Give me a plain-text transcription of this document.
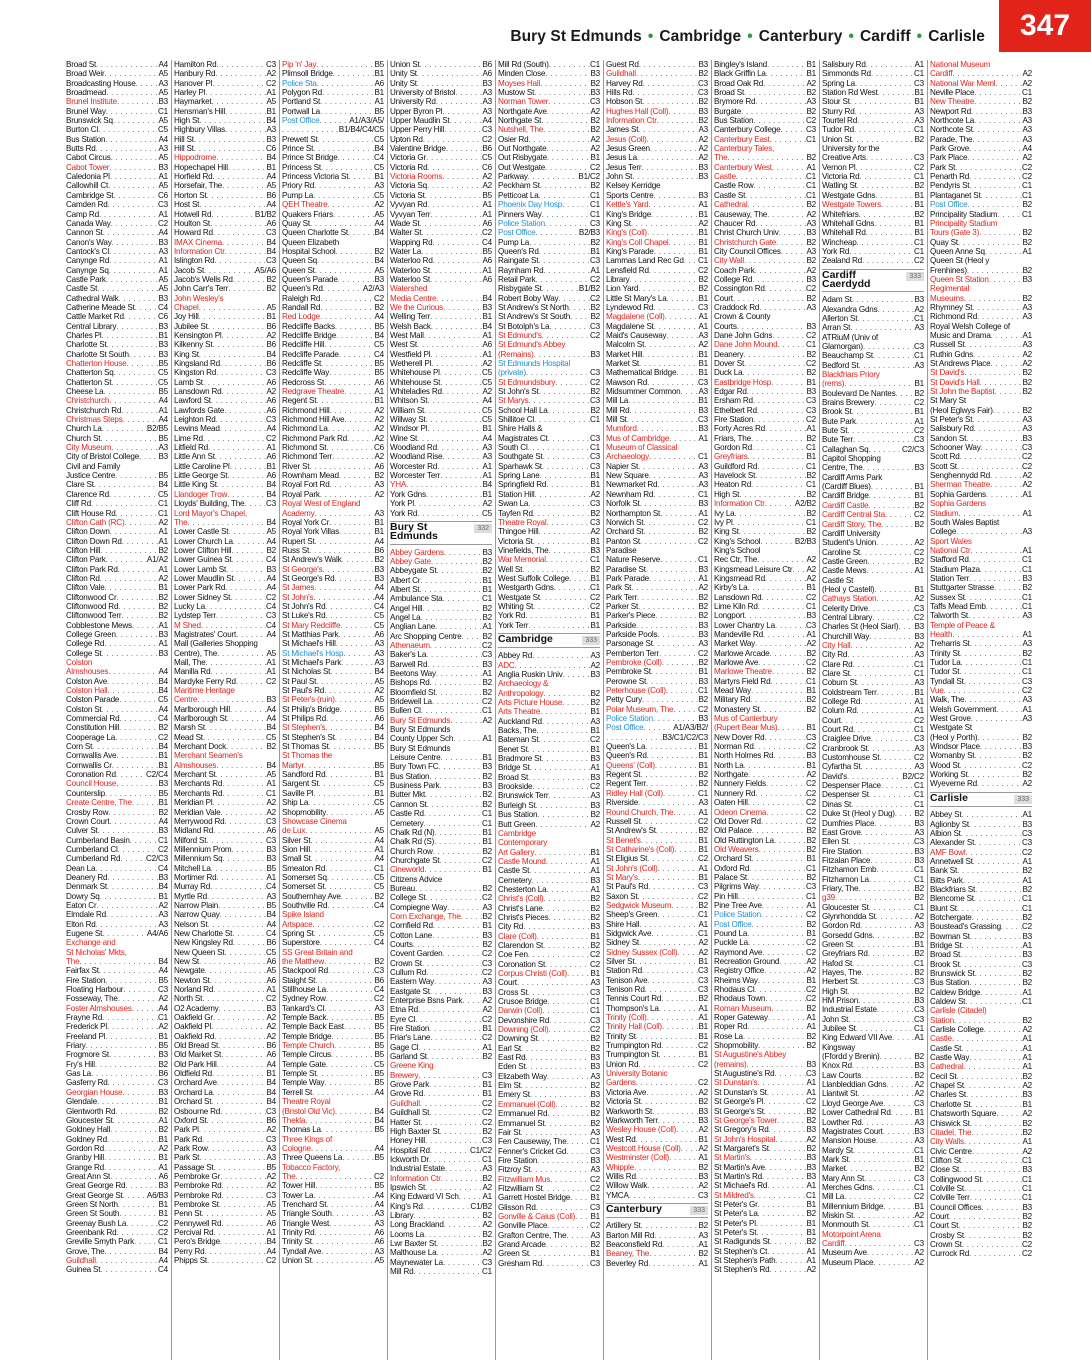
Bury St Edmunds • Cambridge • Canterbury • Cardiff • Carlisle 347
Broad St
. . .	A4
Broad Weir
. . .	A5
Broadcasting House
. . .	A3
Broadmead
. . .	A5
Brunel Institute
. . .	B3
Brunel Way
. . .	C1
Brunswick Sq
. . .	A5
Burton Cl
. . .	C5
Bus Station
. . .	A4
Butts Rd
. . .	A3
Cabot Circus
. . .	A5
Cabot Tower
. . .	B3
Caledonia Pl
. . .	A1
Callowhill Ct
. . .	A5
Cambridge St
. . .	C6
Camden Rd
. . .	C3
Camp Rd
. . .	A1
Canada Way
. . .	C2
Cannon St
. . .	A4
Canon's Way
. . .	B3
Cantock's Cl
. . .	A3
Canynge Rd
. . .	A1
Canynge Sq
. . .	A1
Castle Park
. . .	A5
Castle St
. . .	A5
Cathedral Walk
. . .	B3
Catherine Meade St
. . .	C4
Cattle Market Rd
. . .	C6
Central Library
. . .	B3
Charles Pl
. . .	B1
Charlotte St
. . .	B3
Charlotte St South
. . .	B3
Chatterton House
. . .	B5
Chatterton Sq
. . .	C5
Chatterton St
. . .	C5
Cheese La
. . .	B5
Christchurch
. . .	A4
Christchurch Rd
. . .	A1
Christmas Steps
. . .	A4
Church La
. . .	B2/B5
Church St
. . .	B5
City Museum
. . .	A3
City of Bristol College
. . . B3
Civil and Family
Justice Centre
. . .	B5
Clare St
. . .	B4
Clarence Rd
. . .	C5
Cliff Rd
. . .	C1
Clift House Rd
. . .	C1
Clifton Cath (RC)
. . .	A2
Clifton Down
. . .	A1
Clifton Down Rd
. . .	A1
Clifton Hill
. . .	B2
Clifton Park
. . .	A1/A2
Clifton Park Rd
. . .	A1
Clifton Rd
. . .	A2
Clifton Vale
. . .	B1
Cliftonwood Cr
. . .	B2
Cliftonwood Rd
. . .	B2
Cliftonwood Terr
. . .	B2
Cobblestone Mews
. . .	A1
College Green
. . .	B3
College Rd
. . .	A1
College St
. . .	B3
Colston
Almshouses
. . .	A4
Colston Ave
. . .	B4
Colston Hall
. . .	B4
Colston Parade
. . .	C5
Colston St
. . .	A4
Commercial Rd
. . .	C4
Constitution Hill
. . .	B2
Cooperage La
. . .	C2
Corn St
. . .	B4
Cornwallis Ave
. . .	B1
Cornwallis Cr
. . .	B1
Coronation Rd
. . .	C2/C4
Council House
. . .	B3
Counterslip
. . .	B5
Create Centre, The
. . .	B1
Crosby Row
. . .	B2
Crown Court
. . .	A4
Culver St
. . .	B3
Cumberland Basin
. . .	C1
Cumberland Cl
. . .	C2
Cumberland Rd
. . .	C2/C3
Dean La
. . .	C4
Deanery Rd
. . .	B3
Denmark St
. . .	B4
Dowry Sq
. . .	B1
Eaton Cr
. . .	A2
Elmdale Rd
. . .	A3
Elton Rd
. . .	A3
Eugene St
. . .	A4/A6
Exchange and
St Nicholas' Mkts,
The
. . .	B4
Fairfax St
. . .	A4
Fire Station
. . .	B5
Floating Harbour
. . .	C3
Fosseway, The
. . .	A2
Foster Almshouses
. . .	A4
Frayne Rd
. . .	C1
Frederick Pl
. . .	A2
Freeland Pl
. . .	B1
Friary
. . .	B5
Frogmore St
. . .	B3
Fry's Hill
. . .	B2
Gas La
. . .	B6
Gasferry Rd
. . .	C3
Georgian House
. . .	B3
Glendale
. . .	B1
Glentworth Rd
. . .	B2
Gloucester St
. . .	A1
Goldney Hall
. . .	B2
Goldney Rd
. . .	B1
Gordon Rd
. . .	A2
Granby Hill
. . .	B1
Grange Rd
. . .	A1
Great Ann St
. . .	A6
Great George Rd
. . .	B3
Great George St
. . .	A6/B3
Green St North
. . .	B1
Green St South
. . .	B1
Greenay Bush La
. . .	C2
Greenbank Rd
. . .	C2
Greville Smyth Park
. . .	C1
Grove, The
. . .	B4
Guildhall
. . .	A4
Guinea St
. . .	C4
Hamilton Rd
. . .	C3
Hanbury Rd
. . .	A2
Hanover Pl
. . .	C2
Harley Pl
. . .	A1
Haymarket
. . .	A5
Hensman's Hill
. . .	B1
High St
. . .	B4
Highbury Villas
. . .	A3
Hill St
. . .	B3
Hill St
. . .	C6
Hippodrome
. . .	B4
Hopechapel Hill
. . .	B1
Horfield Rd
. . .	A4
Horsefair, The
. . .	A5
Horton St
. . .	B6
Host St
. . .	A4
Hotwell Rd
. . .	B1/B2
Houlton St
. . .	A6
Howard Rd
. . .	C3
IMAX Cinema
. . .	B4
Information Ctr
. . .	B4
Islington Rd
. . .	C3
Jacob St
. . .	A5/A6
Jacob's Wells Rd
. . .	B2
John Carr's Terr
. . .	B2
John Wesley's
Chapel
. . .	A5
Joy Hill
. . .	B1
Jubilee St
. . .	B6
Kensington Pl
. . .	A2
Kilkenny St
. . .	B6
King St
. . .	B4
Kingsland Rd
. . .	B6
Kingston Rd
. . .	C3
Lamb St
. . .	A6
Lansdown Rd
. . .	A2
Lawford St
. . .	A6
Lawfords Gate
. . .	A6
Leighton Rd
. . .	C3
Lewins Mead
. . .	A4
Lime Rd
. . .	C2
Litfield Rd
. . .	A1
Little Ann St
. . .	A6
Little Caroline Pl
. . .	B1
Little George St
. . .	A6
Little King St
. . .	B4
Llandoger Trow
. . .	B4
Lloyds' Building, The
. . .	C3
Lord Mayor's Chapel,
The
. . .	B4
Lower Castle St
. . .	A5
Lower Church La
. . .	A4
Lower Clifton Hill
. . .	B2
Lower Guinea St
. . .	C4
Lower Lamb St
. . .	B3
Lower Maudlin St
. . .	A4
Lower Park Rd
. . .	A4
Lower Sidney St
. . .	C2
Lucky La
. . .	C4
Lydstep Terr
. . .	C3
M Shed
. . .	C4
Magistrates' Court
. . .	A4
Mall (Galleries Shopping
Centre), The
. . .	A5
Mall, The
. . .	A1
Manilla Rd
. . .	A1
Mardyke Ferry Rd
. . .	C2
Maritime Heritage
Centre
. . .	B3
Marlborough Hill
. . .	A4
Marlborough St
. . .	A4
Marsh St
. . .	B4
Mead St
. . .	C5
Merchant Dock
. . .	B2
Merchant Seamen's
Almshouses
. . .	B4
Merchant St
. . .	A5
Merchants Rd
. . .	A1
Merchants Rd
. . .	C1
Meridian Pl
. . .	A2
Meridian Vale
. . .	A2
Merrywood Rd
. . .	C3
Midland Rd
. . .	A6
Milford St
. . .	C3
Millennium Prom
. . .	B3
Millennium Sq
. . .	B3
Mitchell La
. . .	B5
Mortimer Rd
. . .	A1
Murray Rd
. . .	C4
Myrtle Rd
. . .	A3
Narrow Plain
. . .	B5
Narrow Quay
. . .	B4
Nelson St
. . .	A4
New Charlotte St
. . .	C4
New Kingsley Rd
. . .	B6
New Queen St
. . .	C5
New St
. . .	A6
Newgate
. . .	A5
Newton St
. . .	A6
Norland Rd
. . .	A1
North St
. . .	C2
O2 Academy
. . .	B3
Oakfield Gr
. . .	A2
Oakfield Pl
. . .	A2
Oakfield Rd
. . .	A2
Old Bread St
. . .	B6
Old Market St
. . .	A6
Old Park Hill
. . .	A4
Oldfield Rd
. . .	B1
Orchard Ave
. . .	B4
Orchard La
. . .	B4
Orchard St
. . .	B4
Osbourne Rd
. . .	C3
Oxford St
. . .	B6
Park Pl
. . .	A2
Park Rd
. . .	C3
Park Row
. . .	A3
Park St
. . .	A3
Passage St
. . .	B5
Pembroke Gr
. . .	A2
Pembroke Rd
. . .	A2
Pembroke Rd
. . .	C3
Pembroke St
. . .	A5
Penn St
. . .	A5
Pennywell Rd
. . .	A6
Percival Rd
. . .	A1
Pero's Bridge
. . .	B4
Perry Rd
. . .	A4
Phipps St
. . .	C2
Pip 'n' Jay
. . .	B5
Plimsoll Bridge
. . .	B1
Police Sta
. . .	A6
Polygon Rd
. . .	B1
Portland St
. . .	A1
Portwall La
. . .	B5
Post Office
. . .	A1/A3/A5/
. . .
B1/B4/C4/C5
Prewett St
. . .	C5
Prince St
. . .	B4
Prince St Bridge
. . .	C4
Princess St
. . .	C5
Princess Victoria St
. . .	B1
Priory Rd
. . .	A3
Pump La
. . .	C5
QEH Theatre
. . .	A2
Quakers Friars
. . .	A5
Quay St
. . .	A4
Queen Charlotte St
. . .	B4
Queen Elizabeth
Hospital School
. . .	B2
Queen Sq
. . .	B4
Queen St
. . .	A5
Queen's Parade
. . .	B3
Queen's Rd
. . .	A2/A3
Raleigh Rd
. . .	C2
Randall Rd
. . .	B2
Red Lodge
. . .	A4
Redcliffe Backs
. . .	B5
Redcliffe Bridge
. . .	B4
Redcliffe Hill
. . .	C5
Redcliffe Parade
. . .	C4
Redcliffe St
. . .	B5
Redcliffe Way
. . .	B5
Redcross St
. . .	A6
Redgrave Theatre
. . .	A1
Regent St
. . .	B1
Richmond Hill
. . .	A2
Richmond Hill Ave
. . .	A2
Richmond La
. . .	A2
Richmond Park Rd
. . .	A2
Richmond St
. . .	C6
Richmond Terr
. . .	A2
River St
. . .	A6
Rownham Mead
. . .	B2
Royal Fort Rd
. . .	A3
Royal Park
. . .	A2
Royal West of England
Academy
. . .	A3
Royal York Cr
. . .	B1
Royal York Villas
. . .	B1
Rupert St
. . .	A4
Russ St
. . .	B6
St Andrew's Walk
. . .	B2
St George's
. . .	B3
St George's Rd
. . .	B3
St James
. . .	A4
St John's
. . .	A4
St John's Rd
. . .	C4
St Luke's Rd
. . .	C5
St Mary Redcliffe
. . .	C5
St Matthias Park
. . .	A6
St Michael's Hill
. . .	A3
St Michael's Hosp
. . .	A3
St Michael's Park
. . .	A3
St Nicholas St
. . .	B4
St Paul St
. . .	A5
St Paul's Rd
. . .	A2
St Peter's (ruin)
. . .	A5
St Philip's Bridge
. . .	B5
St Philips Rd
. . .	A6
St Stephen's
. . .	B4
St Stephen's St
. . .	B4
St Thomas St
. . .	B5
St Thomas the
Martyr
. . .	B5
Sandford Rd
. . .	B1
Sargent St
. . .	C5
Saville Pl
. . .	B1
Ship La
. . .	C5
Shopmobility
. . .	A5
Showcase Cinema
de Lux
. . .	A5
Silver St
. . .	A4
Sion Hill
. . .	A1
Small St
. . .	A4
Smeaton Rd
. . .	C1
Somerset Sq
. . .	C5
Somerset St
. . .	C5
Southernhay Ave
. . .	B2
Southville Rd
. . .	C4
Spike Island
Artspace
. . .	C2
Spring St
. . .	C5
Superstore
. . .	C4
SS Great Britain and
the Matthew
. . .	B2
Stackpool Rd
. . .	C3
Staight St
. . .	B6
Stillhouse La
. . .	C4
Sydney Row
. . .	C2
Tankard's Cl
. . .	A3
Temple Back
. . .	B5
Temple Back East
. . .	B5
Temple Bridge
. . .	B5
Temple Church
. . .	B5
Temple Circus
. . .	B5
Temple Gate
. . .	C5
Temple St
. . .	B5
Temple Way
. . .	B5
Terrell St
. . .	A4
Theatre Royal
(Bristol Old Vic)
. . .	B4
Thekla
. . .	B4
Thomas La
. . .	B5
Three Kings of
Cologne
. . .	A4
Three Queens La
. . .	B5
Tobacco Factory,
The
. . .	C2
Tower Hill
. . .	B5
Tower La
. . .	A4
Trenchard St
. . .	A4
Triangle South
. . .	A3
Triangle West
. . .	A3
Trinity Rd
. . .	A6
Trinity St
. . .	A6
Tyndall Ave
. . .	A3
Union St
. . .	A5
Union St
. . .	B6
Unity St
. . .	A6
Unity St
. . .	B3
University of Bristol
. . .	A3
University Rd
. . .	A3
Upper Byron Pl
. . .	A3
Upper Maudlin St
. . .	A4
Upper Perry Hill
. . .	C3
Upton Rd
. . .	C2
Valentine Bridge
. . .	B6
Victoria Gr
. . .	C5
Victoria Rd
. . .	C6
Victoria Rooms
. . .	A2
Victoria Sq
. . .	A2
Victoria St
. . .	B5
Vyvyan Rd
. . .	A1
Vyvyan Terr
. . .	A1
Wade St
. . .	A6
Walter St
. . .	C2
Wapping Rd
. . .	C4
Water La
. . .	B5
Waterloo Rd
. . .	A6
Waterloo St
. . .	A1
Waterloo St
. . .	A6
Watershed
Media Centre
. . .	B4
We the Curious
. . .	B3
Welling Terr
. . .	B1
Welsh Back
. . .	B4
West Mall
. . .	A1
West St
. . .	A6
Westfield Pl
. . .	A1
Wetherell Pl
. . .	A2
Whitehouse Pl
. . .	C5
Whitehouse St
. . .	C5
Whiteladies Rd
. . .	A2
Whitson St
. . .	A4
William St
. . .	C5
Willway St
. . .	C5
Windsor Pl
. . .	B1
Wine St
. . .	A4
Woodland Rd
. . .	A3
Woodland Rise
. . .	A3
Worcester Rd
. . .	A1
Worcester Terr
. . .	A1
YHA
. . .	B4
York Gdns
. . .	B1
York Pl
. . .	A2
York Rd
. . .	C5
Bury St Edmunds
332
Abbey Gardens
. . .	B3
Abbey Gate
. . .	B2
Abbeygate St
. . .	B2
Albert Cr
. . .	B1
Albert St
. . .	B1
Ambulance Sta
. . .	C1
Angel Hill
. . .	B2
Angel La
. . .	B2
Anglian Lane
. . .	A1
Arc Shopping Centre
. . .	B2
Athenaeum
. . .	C2
Baker's La
. . .	C3
Barwell Rd
. . .	B3
Beetons Way
. . .	A1
Bishops Rd
. . .	B2
Bloomfield St
. . .	B2
Bridewell La
. . .	C2
Bullen Cl
. . .	C1
Bury St Edmunds
. . .	A2
Bury St Edmunds
County Upper Sch
. . .	A1
Bury St Edmunds
Leisure Centre
. . .	B1
Bury Town FC
. . .	B3
Bus Station
. . .	B2
Business Park
. . .	B3
Butter Mkt
. . .	B2
Cannon St
. . .	B2
Castle Rd
. . .	C1
Cemetery
. . .	C1
Chalk Rd (N)
. . .	B1
Chalk Rd (S)
. . .	B1
Church Row
. . .	B2
Churchgate St
. . .	C2
Cineworld
. . .	B1
Citizens Advice
Bureau
. . .	B2
College St
. . .	C2
Compiegne Way
. . .	A3
Corn Exchange, The
. . .	B2
Cornfield Rd
. . .	B1
Cotton Lane
. . .	B3
Courts
. . .	B2
Covent Garden
. . .	C2
Crown St
. . .	C3
Cullum Rd
. . .	C2
Eastern Way
. . .	A3
Eastgate St
. . .	B3
Enterprise Bsns Park
. . . A2
Etna Rd
. . .	A2
Eyre Cl
. . .	C2
Fire Station
. . .	B1
Friar's Lane
. . .	C2
Gage Cl
. . .	A1
Garland St
. . .	B2
Greene King
Brewery
. . .	C3
Grove Park
. . .	B1
Grove Rd
. . .	B1
Guildhall
. . .	C2
Guildhall St
. . .	C2
Hatter St
. . .	C2
High Baxter St
. . .	B2
Honey Hill
. . .	C3
Hospital Rd
. . .	C1/C2
Ickworth Dr
. . .	C1
Industrial Estate
. . .	A3
Information Ctr
. . .	B2
Ipswich St
. . .	A2
King Edward VI Sch
. . .	A1
King's Rd
. . .	C1/B2
Library
. . .	B2
Long Brackland
. . .	A2
Looms La
. . .	B2
Lwr Baxter St
. . .	B2
Malthouse La
. . .	A2
Maynewater La
. . .	C3
Mill Rd
. . .	C1
Mill Rd (South)
. . .	C1
Minden Close
. . .	B3
Moyses Hall
. . .	B2
Mustow St
. . .	B3
Norman Tower
. . .	C3
Northgate Ave
. . .	A2
Northgate St
. . .	B2
Nutshell, The
. . .	B2
Osier Rd
. . .	A2
Out Northgate
. . .	A2
Out Risbygate
. . .	B1
Out Westgate
. . .	C2
Parkway
. . .	B1/C2
Peckham St
. . .	B2
Petticoat La
. . .	C1
Phoenix Day Hosp
. . .	C1
Pinners Way
. . .	C1
Police Station
. . .	C3
Post Office
. . .	B2/B3
Pump La
. . .	B2
Queen's Rd
. . .	B1
Raingate St
. . .	C3
Raynham Rd
. . .	A1
Retail Park
. . .	C2
Risbygate St
. . .	B1/B2
Robert Boby Way
. . .	C2
St Andrew's St North
. . .	B2
St Andrew's St South
. . .	B2
St Botolph's La
. . .	C3
St Edmund's
. . .	C2
St Edmund's Abbey
(Remains)
. . .	B3
St Edmunds Hospital
(private)
. . .	C3
St Edmundsbury
. . .	C2
St John's St
. . .	B2
St Marys
. . .	C3
School Hall La
. . .	B2
Shillitoe Cl
. . .	C1
Shire Halls &
Magistrates Ct
. . .	C3
South Cl
. . .	C1
Southgate St
. . .	C3
Sparhawk St
. . .	C3
Spring Lane
. . .	B1
Springfield Rd
. . .	B1
Station Hill
. . .	A2
Swan La
. . .	C3
Tayfen Rd
. . .	B2
Theatre Royal
. . .	C3
Thingoe Hill
. . .	A2
Victoria St
. . .	B1
Vinefields, The
. . .	B3
War Memorial
. . .	C1
Well St
. . .	B2
West Suffolk College
. . .	B1
Westgarth Gdns
. . .	C1
Westgate St
. . .	C2
Whiting St
. . .	C2
York Rd
. . .	B1
York Terr
. . .	B1
Cambridge	333
Abbey Rd
. . .	A3
ADC
. . .	A2
Anglia Ruskin Univ
. . .	B3
Archaeology &
Anthropology
. . .	B2
Arts Picture House
. . .	B2
Arts Theatre
. . .	B1
Auckland Rd
. . .	A3
Backs, The
. . .	B1
Bateman St
. . .	C2
Benet St
. . .	B1
Bradmore St
. . .	B3
Bridge St
. . .	A1
Broad St
. . .	B3
Brookside
. . .	C2
Brunswick Terr
. . .	A3
Burleigh St
. . .	B3
Bus Station
. . .	B2
Butt Green
. . .	A2
Cambridge
Contemporary
Art Gallery
. . .	B1
Castle Mound
. . .	A1
Castle St
. . .	A1
Cemetery
. . .	B3
Chesterton La
. . .	A1
Christ's (Coll)
. . .	B2
Christ's Lane
. . .	B2
Christ's Pieces
. . .	B2
City Rd
. . .	B3
Clare (Coll)
. . .	B1
Clarendon St
. . .	B2
Coe Fen
. . .	C2
Coronation St
. . .	C2
Corpus Christi (Coll)
. . .	B1
Court
. . .	A3
Cross St
. . .	C3
Crusoe Bridge
. . .	C1
Darwin (Coll)
. . .	C1
Devonshire Rd
. . .	C3
Downing (Coll)
. . .	C2
Downing St
. . .	B2
Earl St
. . .	B2
East Rd
. . .	B3
Eden St
. . .	B3
Elizabeth Way
. . .	A3
Elm St
. . .	B2
Emery St
. . .	B3
Emmanuel (Coll)
. . .	B2
Emmanuel Rd
. . .	B2
Emmanuel St
. . .	B2
Fair St
. . .	A3
Fen Causeway, The
. . .	C1
Fenner's Cricket Gd
. . .	C3
Fire Station
. . .	B3
Fitzroy St
. . .	A3
Fitzwilliam Mus
. . .	C2
Fitzwilliam St
. . .	C2
Garrett Hostel Bridge
. . . B1
Glisson Rd
. . .	C3
Gonville & Caius (Coll)
. . . B1
Gonville Place
. . .	C2
Grafton Centre, The
. . .	A3
Grand Arcade
. . .	B2
Green St
. . .	B1
Gresham Rd
. . .	C3
Guest Rd
. . .	B3
Guildhall
. . .	B2
Harvey Rd
. . .	C3
Hills Rd
. . .	C3
Hobson St
. . .	B2
Hughes Hall (Coll)
. . .	B3
Information Ctr
. . .	B2
James St
. . .	A3
Jesus (Coll)
. . .	A2
Jesus Green
. . .	A2
Jesus La
. . .	A2
Jesus Terr
. . .	B3
John St
. . .	B3
Kelsey Kerridge
Sports Centre
. . .	B3
Kettle's Yard
. . .	A1
King's Bridge
. . .	B1
King St
. . .	A2
King's (Coll)
. . .	B1
King's Coll Chapel
. . .	B1
King's Parade
. . .	B1
Lammas Land Rec Gd
. . . C1
Lensfield Rd
. . .	C2
Library
. . .	B2
Lion Yard
. . .	B2
Little St Mary's La
. . .	B1
Lyndewod Rd
. . .	C3
Magdalene (Coll)
. . .	A1
Magdalene St
. . .	A1
Maid's Causeway
. . .	A3
Malcolm St
. . .	A2
Market Hill
. . .	B1
Market St
. . .	B1
Mathematical Bridge
. . .	B1
Mawson Rd
. . .	C3
Midsummer Common
. . . A3
Mill La
. . .	B1
Mill Rd
. . .	B3
Mill St
. . .	C3
Mumford
. . .	B3
Mus of Cambridge
. . .	A1
Museum of Classical
Archaeology
. . .	C1
Napier St
. . .	A3
New Square
. . .	A3
Newmarket Rd
. . .	A3
Newnham Rd
. . .	C1
Norfolk St
. . .	B3
Northampton St
. . .	A1
Norwich St
. . .	C2
Orchard St
. . .	B2
Panton St
. . .	C2
Paradise
Nature Reserve
. . .	C1
Paradise St
. . .	B3
Park Parade
. . .	A1
Park St
. . .	A2
Park Terr
. . .	B2
Parker St
. . .	B2
Parker's Piece
. . .	B2
Parkside
. . .	B3
Parkside Pools
. . .	B3
Parsonage St
. . .	A3
Pemberton Terr
. . .	C2
Pembroke (Coll)
. . .	B2
Pembroke St
. . .	B1
Perowne St
. . .	B3
Peterhouse (Coll)
. . .	C1
Petty Cury
. . .	B2
Polar Museum, The
. . .	C2
Police Station
. . .	B3
Post Office
. . .	A1/A3/B2/
. . .
B3/C1/C2/C3
Queen's La
. . .	B1
Queen's Rd
. . .	B1
Queens' (Coll)
. . .	B1
Regent St
. . .	B2
Regent Terr
. . .	B2
Ridley Hall (Coll)
. . .	C1
Riverside
. . .	A3
Round Church, The
. . .	A1
Russell St
. . .	C2
St Andrew's St
. . .	B2
St Benet's
. . .	B1
St Catharine's (Coll)
. . .	B1
St Eligius St
. . .	C2
St John's (Coll)
. . .	A1
St Mary's
. . .	B1
St Paul's Rd
. . .	C3
Saxon St
. . .	C2
Sedgwick Museum
. . .	B2
Sheep's Green
. . .	C1
Shire Hall
. . .	A1
Sidgwick Ave
. . .	C1
Sidney St
. . .	A2
Sidney Sussex (Coll)
. . .	A2
Silver St
. . .	B1
Station Rd
. . .	C3
Tenison Ave
. . .	C3
Tenison Rd
. . .	C3
Tennis Court Rd
. . .	B2
Thompson's La
. . .	A1
Trinity (Coll)
. . .	A1
Trinity Hall (Coll)
. . .	B1
Trinity St
. . .	B1
Trumpington Rd
. . .	C2
Trumpington St
. . .	B1
Union Rd
. . .	C2
University Botanic
Gardens
. . .	C2
Victoria Ave
. . .	A2
Victoria St
. . .	B2
Warkworth St
. . .	B3
Warkworth Terr
. . .	B3
Wesley House (Coll)
. . .	A2
West Rd
. . .	B1
Westcott House (Coll)
. . . A2
Westminster (Coll)
. . .	A1
Whipple
. . .	B2
Willis Rd
. . .	B3
Willow Walk
. . .	A2
YMCA
. . .	C3
Canterbury	333
Artillery St
. . .	B2
Barton Mill Rd
. . .	A3
Beaconsfield Rd
. . .	A1
Beaney, The
. . .	B2
Beverley Rd
. . .	A1
Bingley's Island
. . .	B1
Black Griffin La
. . .	B1
Broad Oak Rd
. . .	A2
Broad St
. . .	B2
Brymore Rd
. . .	A3
Burgate
. . .	B2
Bus Station
. . .	C2
Canterbury College
. . .	C3
Canterbury East
. . .	C1
Canterbury Tales,
The
. . .	B2
Canterbury West
. . .	A1
Castle
. . .	C1
Castle Row
. . .	C1
Castle St
. . .	C1
Cathedral
. . .	B2
Causeway, The
. . .	A2
Chaucer Rd
. . .	A3
Christ Church Univ
. . .	B3
Christchurch Gate
. . .	B2
City Council Offices
. . .	A3
City Wall
. . .	B2
Coach Park
. . .	A2
College Rd
. . .	B3
Cossington Rd
. . .	C2
Court
. . .	B2
Craddock Rd
. . .	A3
Crown & County
Courts
. . .	B3
Dane John Gdns
. . .	C2
Dane John Mound
. . .	C1
Deanery
. . .	B2
Dover St
. . .	C2
Duck La
. . .	B2
Eastbridge Hosp
. . .	B1
Edgar Rd
. . .	B3
Ersham Rd
. . .	C3
Ethelbert Rd
. . .	C3
Fire Station
. . .	C2
Forty Acres Rd
. . .	A1
Friars, The
. . .	B2
Gordon Rd
. . .	C1
Greyfriars
. . .	B1
Guildford Rd
. . .	C1
Havelock St
. . .	B2
Heaton Rd
. . .	C1
High St
. . .	B2
Information Ctr
. . .	A2/B2
Ivy La
. . .	B2
Ivy Pl
. . .	C1
King St
. . .	B2
King's School
. . .	B2/B3
King's School
Rec Ctr, The
. . .	A2
Kingsmead Leisure Ctr
. . . A2
Kingsmead Rd
. . .	A2
Kirby's La
. . .	B1
Lansdown Rd
. . .	C2
Lime Kiln Rd
. . .	C1
Longport
. . .	B3
Lower Chantry La
. . .	C3
Mandeville Rd
. . .	A1
Market Way
. . .	A2
Marlowe Arcade
. . .	B2
Marlowe Ave
. . .	C2
Marlowe Theatre
. . .	B2
Martyrs Field Rd
. . .	C1
Mead Way
. . .	B1
Military Rd
. . .	B2
Monastery St
. . .	B2
Mus of Canterbury
(Rupert Bear Mus)
. . .	B1
New Dover Rd
. . .	C3
Norman Rd
. . .	C2
North Holmes Rd
. . .	B3
North La
. . .	B1
Northgate
. . .	A2
Nunnery Fields
. . .	C2
Nunnery Rd
. . .	C2
Oaten Hill
. . .	C2
Odeon Cinema
. . .	C2
Old Dover Rd
. . .	C2
Old Palace
. . .	B2
Old Ruttington La
. . .	B2
Old Weavers
. . .	B2
Orchard St
. . .	B1
Oxford Rd
. . .	C1
Palace St
. . .	B2
Pilgrims Way
. . .	C3
Pin Hill
. . .	C1
Pine Tree Ave
. . .	A1
Police Station
. . .	C2
Post Office
. . .	B2
Pound La
. . .	B1
Puckle La
. . .	C2
Raymond Ave
. . .	C2
Recreation Ground
. . .	A2
Registry Office
. . .	A2
Rheims Way
. . .	B1
Rhodaus Cl
. . .	C2
Rhodaus Town
. . .	C2
Roman Museum
. . .	B2
Roper Gateway
. . .	A1
Roper Rd
. . .	A1
Rose La
. . .	B2
Shopmobility
. . .	B2
St Augustine's Abbey
(remains)
. . .	B3
St Augustine's Rd
. . .	C3
St Dunstan's
. . .	A1
St Dunstan's St
. . .	A1
St George's Pl
. . .	C2
St George's St
. . .	B2
St George's Tower
. . .	B2
St Gregory's Rd
. . .	B3
St John's Hospital
. . .	A2
St Margaret's St
. . .	B2
St Martin's
. . .	B3
St Martin's Ave
. . .	B3
St Martin's Rd
. . .	B3
St Michael's Rd
. . .	A1
St Mildred's
. . .	C1
St Peter's Gr
. . .	B1
St Peter's La
. . .	B2
St Peter's Pl
. . .	B1
St Peter's St
. . .	B1
St Radigunds St
. . .	B2
St Stephen's Ct
. . .	A1
St Stephen's Path
. . .	A1
St Stephen's Rd
. . .	A2
Salisbury Rd
. . .	A1
Simmonds Rd
. . .	C1
Spring La
. . .	C3
Station Rd West
. . .	B1
Stour St
. . .	B1
Sturry Rd
. . .	A3
Tourtel Rd
. . .	A3
Tudor Rd
. . .	C1
Union St
. . .	B2
University for the
Creative Arts
. . .	C3
Vernon Pl
. . .	C2
Victoria Rd
. . .	C1
Watling St
. . .	B2
Westgate Gdns
. . .	B1
Westgate Towers
. . .	B1
Whitefriars
. . .	B2
Whitehall Gdns
. . .	B1
Whitehall Rd
. . .	B1
Wincheap
. . .	C1
York Rd
. . .	C1
Zealand Rd
. . .	C2
Cardiff Caerdydd
333
Adam St
. . .	B3
Alexandra Gdns
. . .	A2
Allerton St
. . .	C1
Arran St
. . .	A3
ATRiuM (Univ of
Glamorgan)
. . .	C3
Beauchamp St
. . .	C1
Bedford St
. . .	A3
Blackfriars Priory
(rems)
. . .	B1
Boulevard De Nantes
. . . B2
Brains Brewery
. . .	C2
Brook St
. . .	B1
Bute Park
. . .	A1
Bute St
. . .	C2
Bute Terr
. . .	C3
Callaghan Sq
. . .	C2/C3
Capitol Shopping
Centre, The
. . .	B3
Cardiff Arms Park
(Cardiff Blues)
. . .	B1
Cardiff Bridge
. . .	B1
Cardiff Castle
. . .	B2
Cardiff Central Sta
. . .	C2
Cardiff Story, The
. . .	B2
Cardiff University
Student's Union
. . .	A2
Caroline St
. . .	C2
Castle Green
. . .	B2
Castle Mews
. . .	A1
Castle St
(Heol y Castell)
. . .	B1
Cathays Station
. . .	A2
Celerity Drive
. . .	C3
Central Library
. . .	C2
Charles St (Heol Siarl)
. . . B3
Churchill Way
. . .	B3
City Hall
. . .	A2
City Rd
. . .	A3
Clare Rd
. . .	C1
Clare St
. . .	C1
Coburn St
. . .	A3
Coldstream Terr
. . .	B1
College Rd
. . .	A1
Colum Rd
. . .	A1
Court
. . .	C2
Court Rd
. . .	C1
Craiglee Drive
. . .	C3
Cranbrook St
. . .	A3
Customhouse St
. . .	C2
Cyfartha St
. . .	A3
David's
. . .	B2/C2
Despenser Place
. . .	C1
Despenser St
. . .	C1
Dinas St
. . .	C1
Duke St (Heol y Dug)
. . . B2
Dumfries Place
. . .	B3
East Grove
. . .	A3
Ellen St
. . .	C3
Fire Station
. . .	B3
Fitzalan Place
. . .	B3
Fitzhamon Emb
. . .	C1
Fitzhamon La
. . .	C1
Friary, The
. . .	B2
g39
. . .	B2
Gloucester St
. . .	C1
Glynrhondda St
. . .	A2
Gordon Rd
. . .	A3
Gorsedd Gdns
. . .	B2
Green St
. . .	B1
Greyfriars Rd
. . .	B2
Hafod St
. . .	C1
Hayes, The
. . .	B2
Herbert St
. . .	C3
High St
. . .	B2
HM Prison
. . .	B3
Industrial Estate
. . .	C3
John St
. . .	C3
Jubilee St
. . .	C1
King Edward VII Ave
. . .	A1
Kingsway
(Ffordd y Brenin)
. . .	B2
Knox Rd
. . .	B3
Law Courts
. . .	B2
Llanbleddian Gdns
. . .	A2
Llantwit St
. . .	A2
Lloyd George Ave
. . .	C3
Lower Cathedral Rd
. . .	B1
Lowther Rd
. . .	A3
Magistrates Court
. . .	B3
Mansion House
. . .	A3
Mardy St
. . .	C1
Mark St
. . .	B1
Market
. . .	B2
Mary Ann St
. . .	C3
Merches Gdns
. . .	C1
Mill La
. . .	C2
Millennium Bridge
. . .	B1
Miskin St
. . .	A2
Monmouth St
. . .	C1
Motorpoint Arena
Cardiff
. . .	C3
Museum Ave
. . .	A2
Museum Place
. . .	A2
National Museum
Cardiff
. . .	A2
National War Meml
. . .	A2
Neville Place
. . .	C1
New Theatre
. . .	B2
Newport Rd
. . .	B3
Northcote La
. . .	A3
Northcote St
. . .	A3
Parade, The
. . .	A3
Park Grove
. . .	A4
Park Place
. . .	A2
Park St
. . .	C2
Penarth Rd
. . .	C2
Pendyris St
. . .	C1
Plantaganet St
. . .	C1
Post Office
. . .	B2
Principality Stadium
. . .	C1
Principality Stadium
Tours (Gate 3)
. . .	B2
Quay St
. . .	B2
Queen Anne Sq
. . .	A1
Queen St (Heol y
Frenhines)
. . .	B2
Queen St Station
. . .	B3
Regimental
Museums
. . .	B2
Rhymney St
. . .	A3
Richmond Rd
. . .	A3
Royal Welsh College of
Music and Drama
. . .	A1
Russell St
. . .	A3
Ruthin Gdns
. . .	A2
St Andrews Place
. . .	A2
St David's
. . .	B2
St David's Hall
. . .	B2
St John the Baptist
. . .	B2
St Mary St
(Heol Eglwys Fair)
. . .	B2
St Peter's St
. . .	A3
Salisbury Rd
. . .	A3
Sandon St
. . .	B3
Schooner Way
. . .	C3
Scott Rd
. . .	C2
Scott St
. . .	C2
Senghennydd Rd
. . .	A2
Sherman Theatre
. . .	A2
Sophia Gardens
. . .	A1
Sophia Gardens
Stadium
. . .	A1
South Wales Baptist
College
. . .	A3
Sport Wales
National Ctr
. . .	A1
Stafford Rd
. . .	C1
Stadium Plaza
. . .	C1
Station Terr
. . .	B3
Stuttgarter Strasse
. . .	B2
Sussex St
. . .	C1
Taffs Mead Emb
. . .	C1
Talworth St
. . .	A3
Temple of Peace &
Health
. . .	A1
Treharris St
. . .	A3
Trinity St
. . .	B2
Tudor La
. . .	C1
Tudor St
. . .	C1
Tyndall St
. . .	C3
Vue
. . .	C2
Walk, The
. . .	A3
Welsh Government
. . .	A1
West Grove
. . .	A3
Westgate St
(Heol y Porth)
. . .	B2
Windsor Place
. . .	B3
Womanby St
. . .	B2
Wood St
. . .	C2
Working St
. . .	B2
Wyeverne Rd
. . .	A2
Carlisle	333
Abbey St
. . .	A1
Aglionby St
. . .	B3
Albion St
. . .	C3
Alexander St
. . .	C3
AMF Bowl
. . .	C2
Annetwell St
. . .	A1
Bank St
. . .	B2
Bitts Park
. . .	A1
Blackfriars St
. . .	B2
Blencome St
. . .	C1
Blunt St
. . .	C1
Botchergate
. . .	B2
Boustead's Grassing
. . .	C2
Bowman St
. . .	B3
Bridge St
. . .	A1
Broad St
. . .	B3
Brook St
. . .	C3
Brunswick St
. . .	B2
Bus Station
. . .	B2
Caldew Bridge
. . .	A1
Caldew St
. . .	C1
Carlisle (Citadel)
Station
. . .	B2
Carlisle College
. . .	A2
Castle
. . .	A1
Castle St
. . .	A1
Castle Way
. . .	A1
Cathedral
. . .	A1
Cecil St
. . .	B2
Chapel St
. . .	A2
Charles St
. . .	B3
Charlotte St
. . .	B1
Chatsworth Square
. . .	A2
Chiswick St
. . .	B2
Citadel, The
. . .	B2
City Walls
. . .	A1
Civic Centre
. . .	A2
Clifton St
. . .	C1
Close St
. . .	B3
Collingwood St
. . .	C1
Colville St
. . .	C1
Colville Terr
. . .	C1
Council Offices
. . .	B3
Court
. . .	B2
Court St
. . .	B2
Crosby St
. . .	B2
Crown St
. . .	C2
Currock Rd
. . .	C2
